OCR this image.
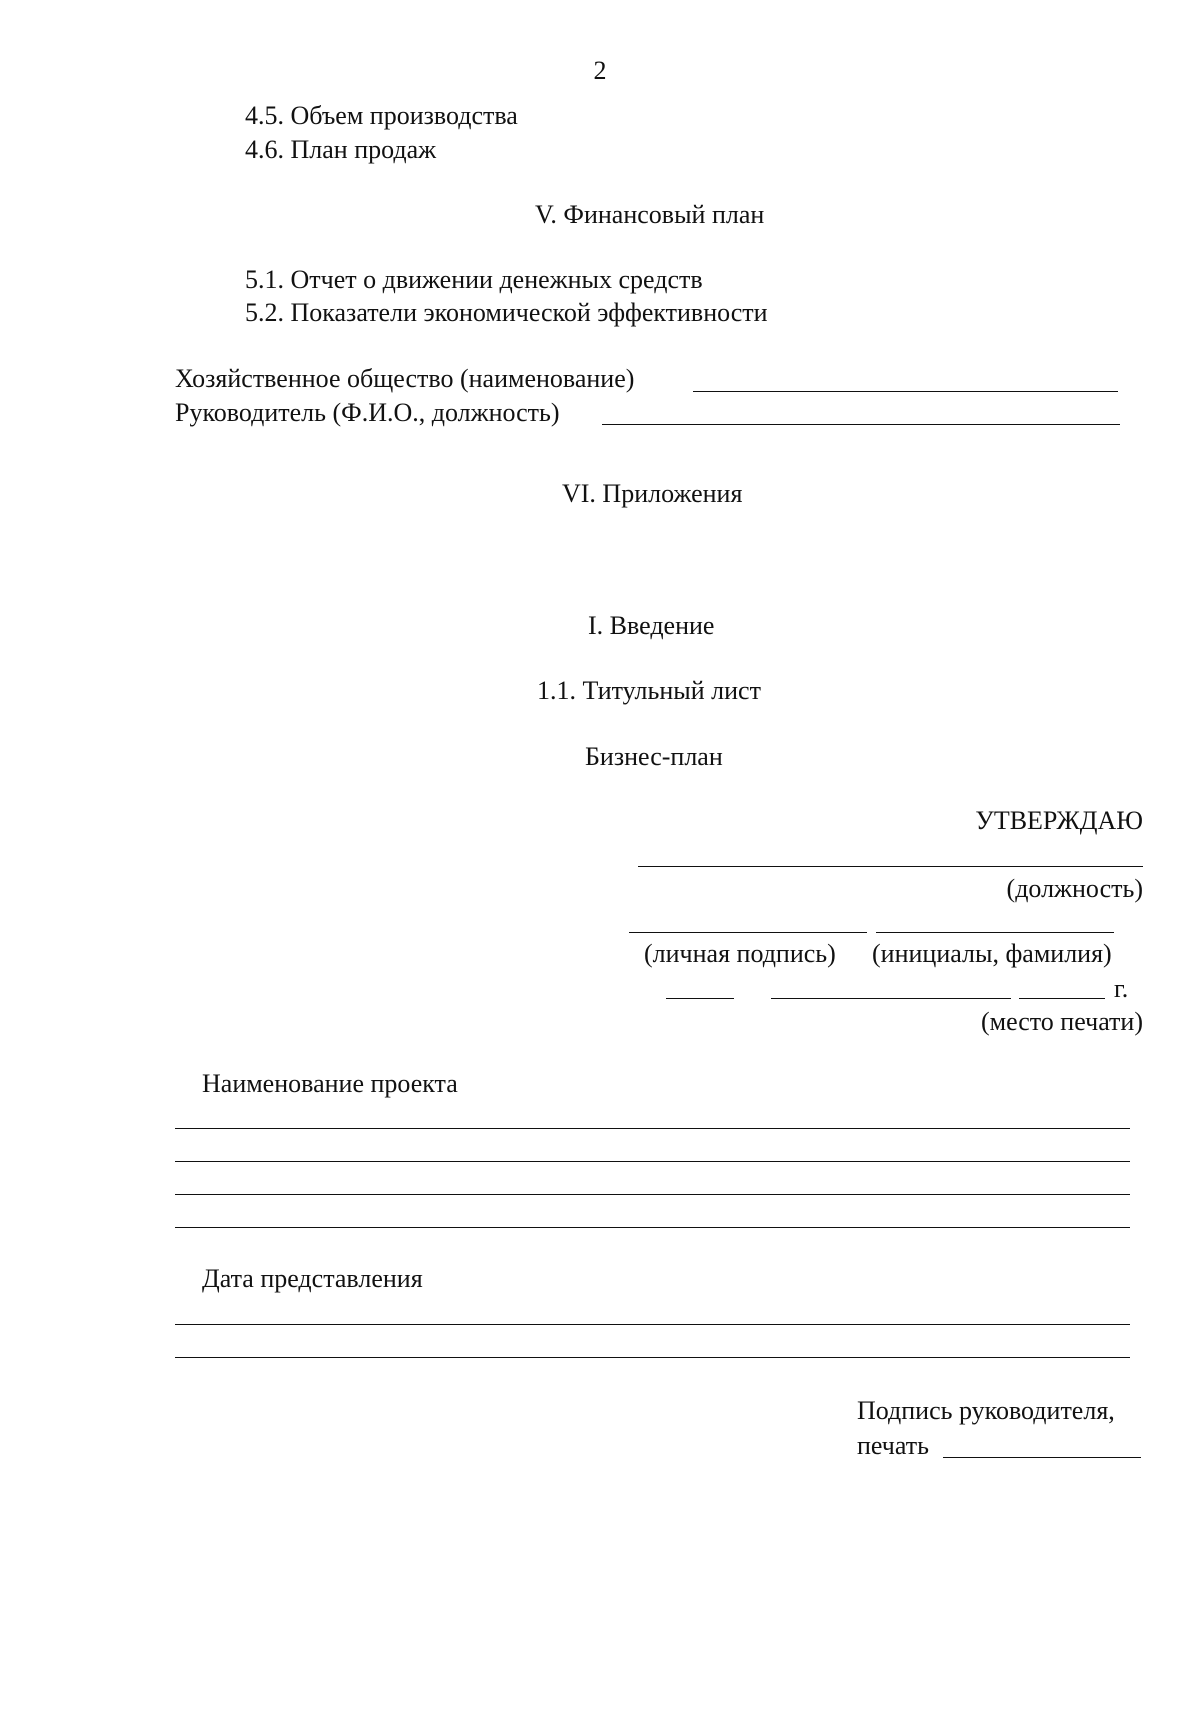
2
4.5. Объем производства
4.6. План продаж
V. Финансовый план
5.1. Отчет о движении денежных средств
5.2. Показатели экономической эффективности
Хозяйственное общество (наименование)
Руководитель (Ф.И.О., должность)
VI. Приложения
I. Введение
1.1. Титульный лист
Бизнес-план
УТВЕРЖДАЮ
(должность)
(личная подпись) (инициалы, фамилия)
г.
(место печати)
Наименование проекта
Дата представления
Подпись руководителя,
печать
